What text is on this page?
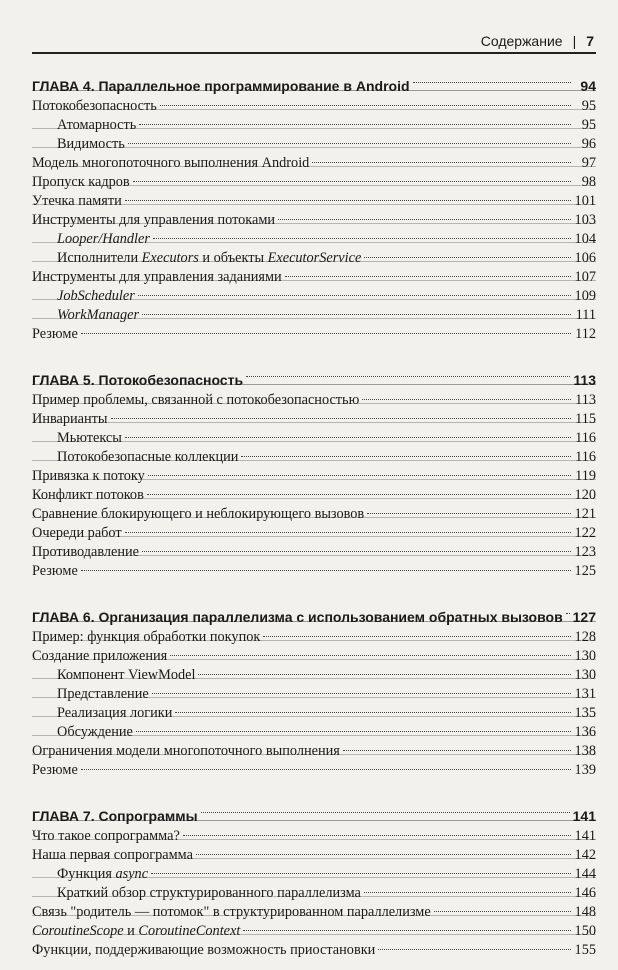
Содержание | 7
ГЛАВА 4. Параллельное программирование в Android	94
Потокобезопасность	95
Атомарность	95
Видимость	96
Модель многопоточного выполнения Android	97
Пропуск кадров	98
Утечка памяти	101
Инструменты для управления потоками	103
Looper/Handler	104
Исполнители Executors и объекты ExecutorService	106
Инструменты для управления заданиями	107
JobScheduler	109
WorkManager	111
Резюме	112
ГЛАВА 5. Потокобезопасность	113
Пример проблемы, связанной с потокобезопасностью	113
Инварианты	115
Мьютексы	116
Потокобезопасные коллекции	116
Привязка к потоку	119
Конфликт потоков	120
Сравнение блокирующего и неблокирующего вызовов	121
Очереди работ	122
Противодавление	123
Резюме	125
ГЛАВА 6. Организация параллелизма с использованием обратных вызовов 127
Пример: функция обработки покупок	128
Создание приложения	130
Компонент ViewModel	130
Представление	131
Реализация логики	135
Обсуждение	136
Ограничения модели многопоточного выполнения	138
Резюме	139
ГЛАВА 7. Сопрограммы	141
Что такое сопрограмма?	141
Наша первая сопрограмма	142
Функция async	144
Краткий обзор структурированного параллелизма	146
Связь "родитель — потомок" в структурированном параллелизме	148
CoroutineScope и CoroutineContext	150
Функции, поддерживающие возможность приостановки	155
